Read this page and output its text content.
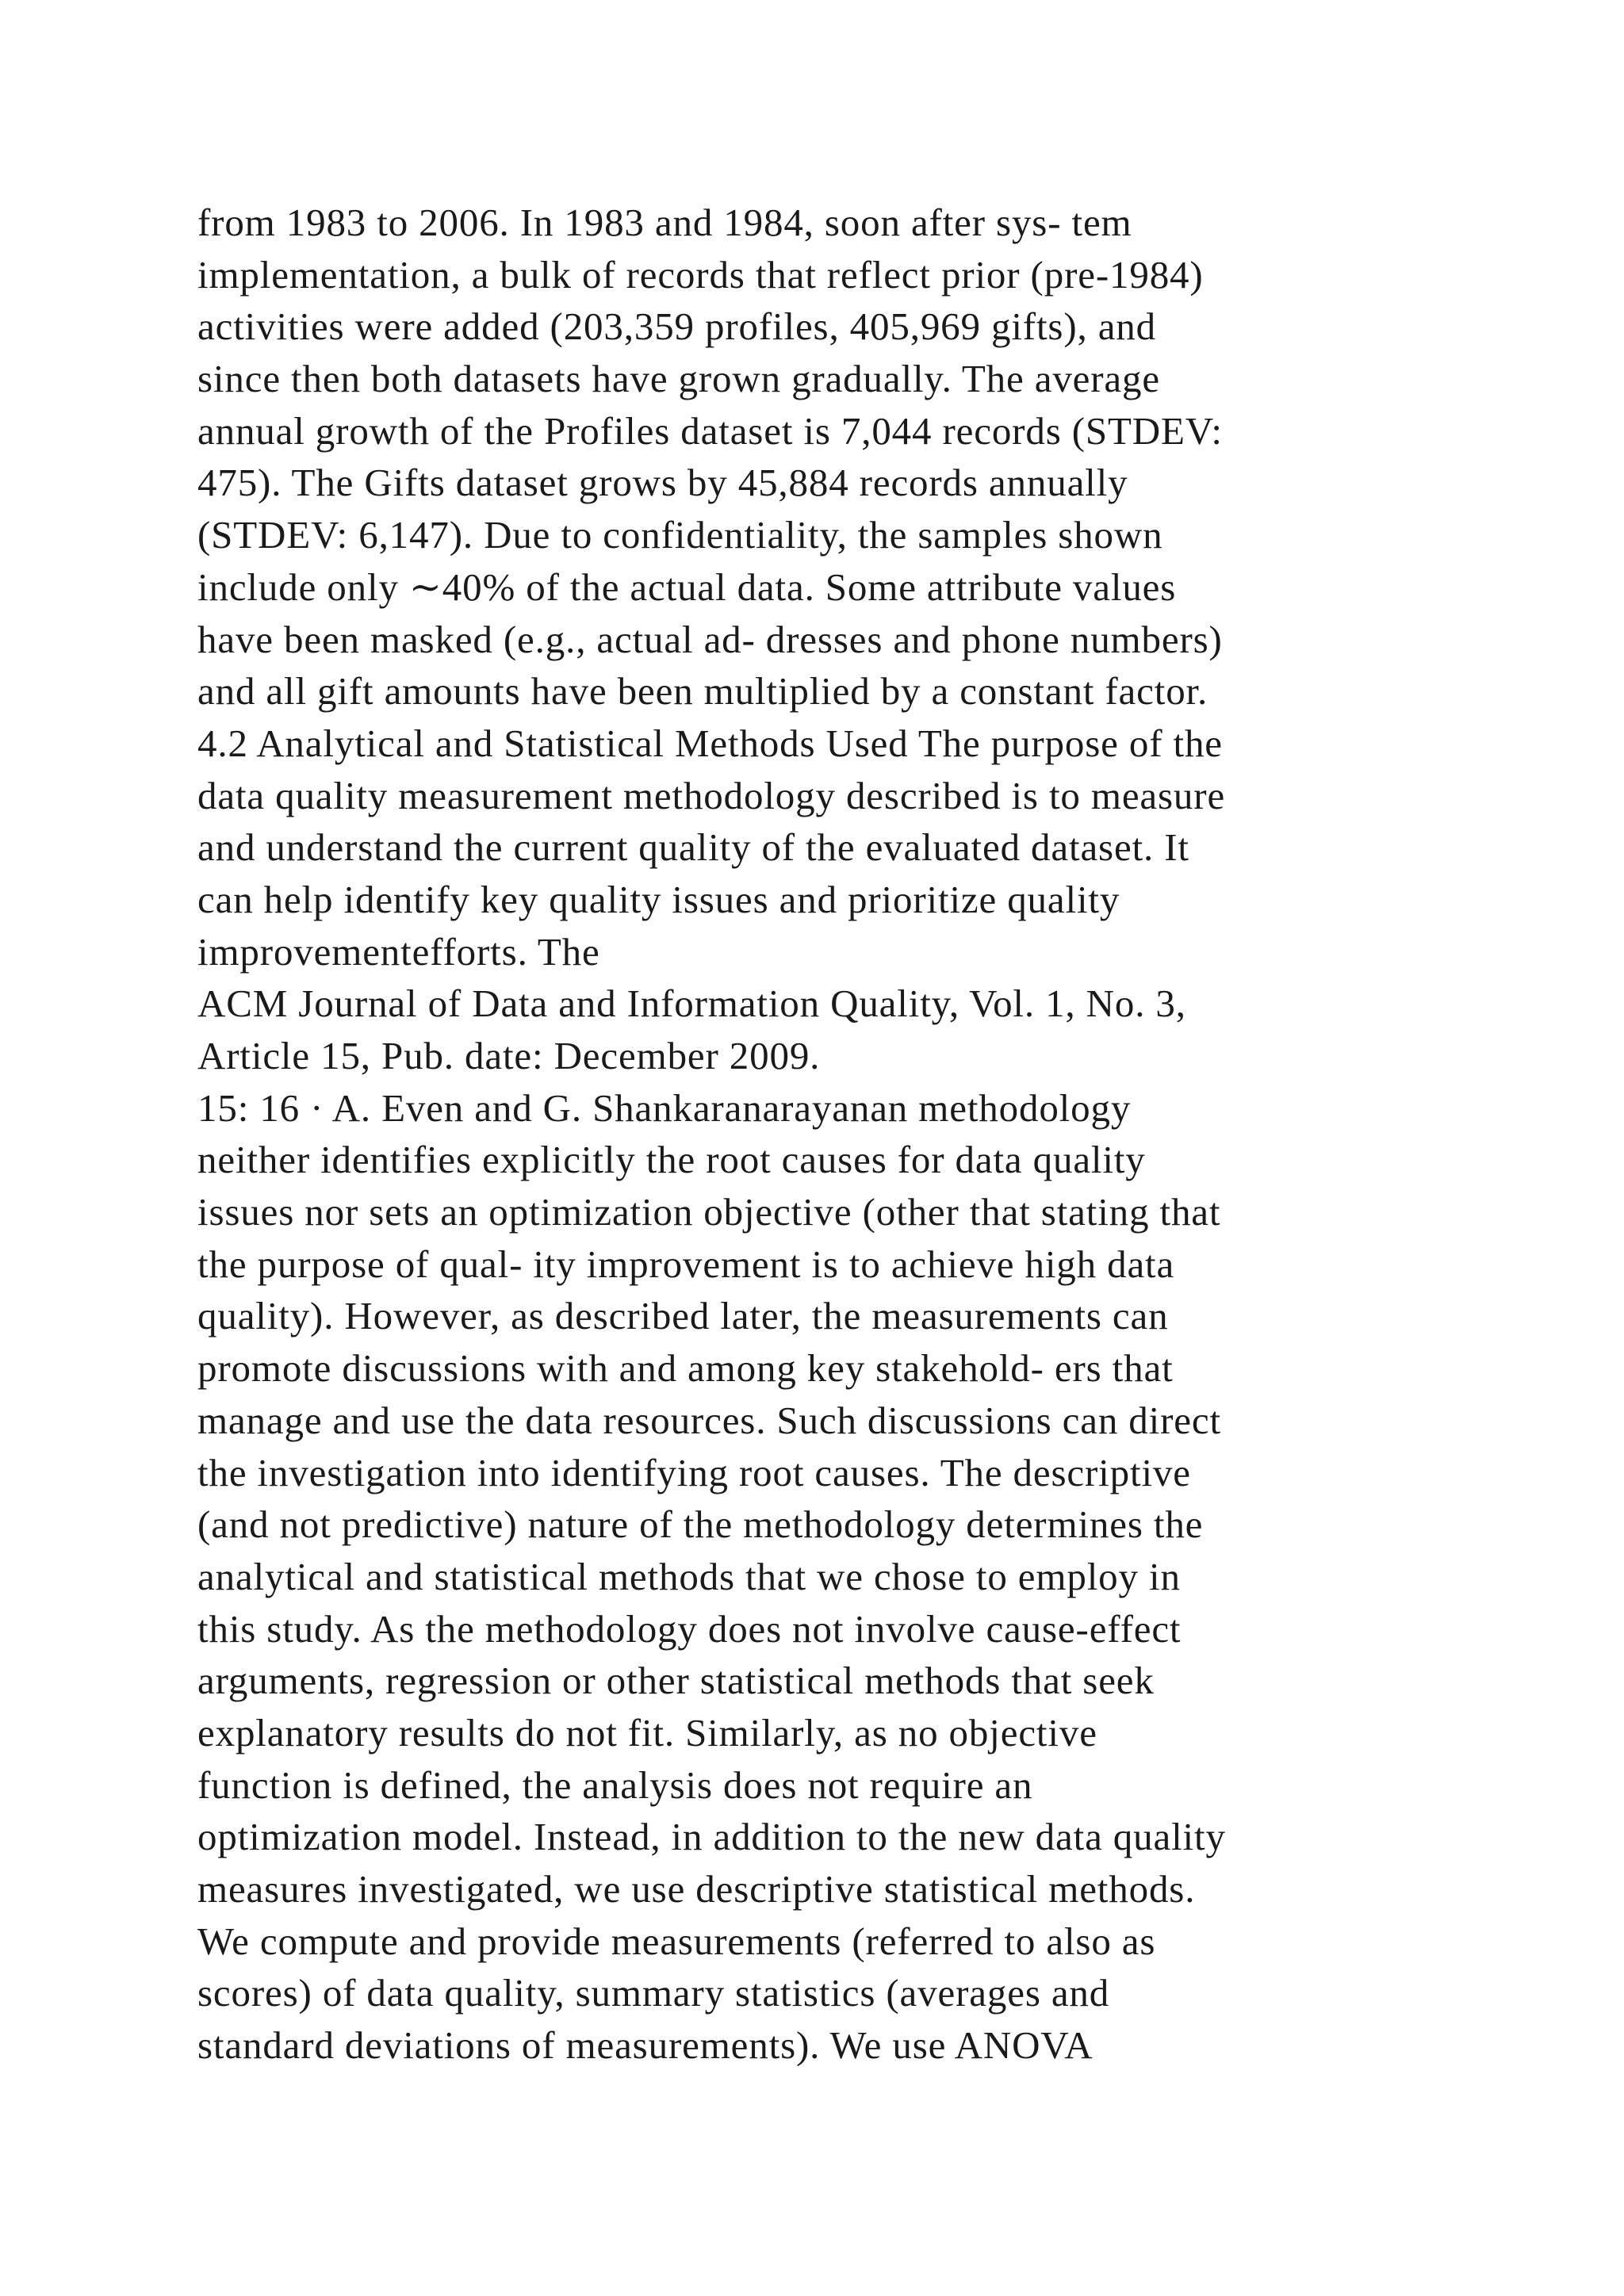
from 1983 to 2006. In 1983 and 1984, soon after sys- tem
implementation, a bulk of records that reflect prior (pre-1984)
activities were added (203,359 profiles, 405,969 gifts), and
since then both datasets have grown gradually. The average
annual growth of the Profiles dataset is 7,044 records (STDEV:
475). The Gifts dataset grows by 45,884 records annually
(STDEV: 6,147). Due to confidentiality, the samples shown
include only ∼40% of the actual data. Some attribute values
have been masked (e.g., actual ad- dresses and phone numbers)
and all gift amounts have been multiplied by a constant factor.
4.2 Analytical and Statistical Methods Used The purpose of the
data quality measurement methodology described is to measure
and understand the current quality of the evaluated dataset. It
can help identify key quality issues and prioritize quality
improvementefforts. The
ACM Journal of Data and Information Quality, Vol. 1, No. 3,
Article 15, Pub. date: December 2009.
15: 16 · A. Even and G. Shankaranarayanan methodology
neither identifies explicitly the root causes for data quality
issues nor sets an optimization objective (other that stating that
the purpose of qual- ity improvement is to achieve high data
quality). However, as described later, the measurements can
promote discussions with and among key stakehold- ers that
manage and use the data resources. Such discussions can direct
the investigation into identifying root causes. The descriptive
(and not predictive) nature of the methodology determines the
analytical and statistical methods that we chose to employ in
this study. As the methodology does not involve cause-effect
arguments, regression or other statistical methods that seek
explanatory results do not fit. Similarly, as no objective
function is defined, the analysis does not require an
optimization model. Instead, in addition to the new data quality
measures investigated, we use descriptive statistical methods.
We compute and provide measurements (referred to also as
scores) of data quality, summary statistics (averages and
standard deviations of measurements). We use ANOVA
